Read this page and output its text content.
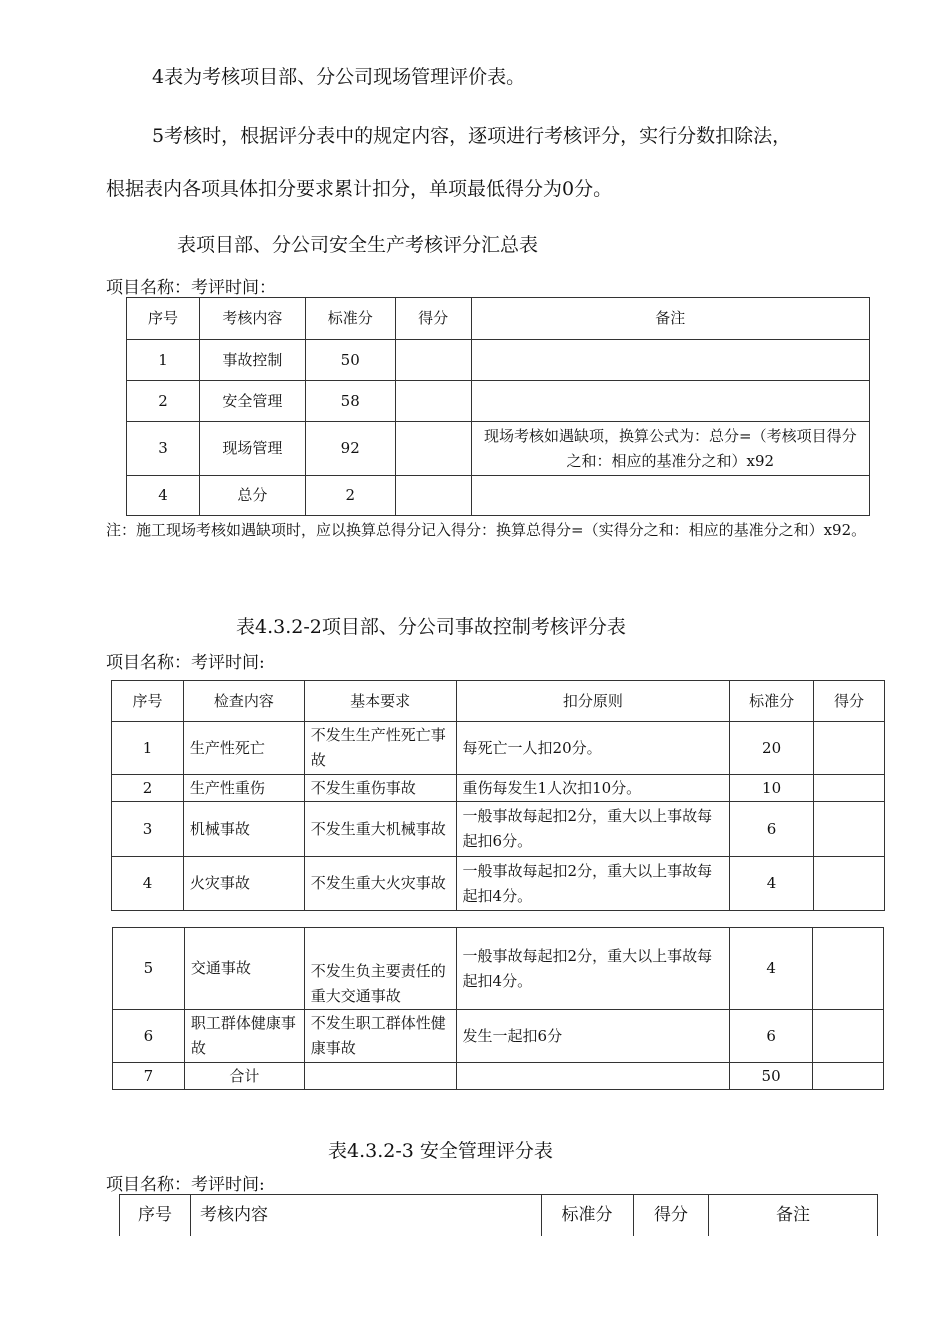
4表为考核项目部、分公司现场管理评价表。
5考核时，根据评分表中的规定内容，逐项进行考核评分，实行分数扣除法，
根据表内各项具体扣分要求累计扣分，单项最低得分为0分。
表项目部、分公司安全生产考核评分汇总表
项目名称：考评时间：
序号	考核内容	标准分	得分	备注
1	事故控制	50		
2	安全管理	58		
3	现场管理	92		现场考核如遇缺项，换算公式为：总分=（考核项目得分之和：相应的基准分之和）x92
4	总分	2		
注：施工现场考核如遇缺项时，应以换算总得分记入得分：换算总得分=（实得分之和：相应的基准分之和）x92。
表4.3.2-2项目部、分公司事故控制考核评分表
项目名称：考评时间:
序号	检查内容	基本要求	扣分原则	标准分	得分
1	生产性死亡	不发生生产性死亡事故	每死亡一人扣20分。	20	
2	生产性重伤	不发生重伤事故	重伤每发生1人次扣10分。	10	
3	机械事故	不发生重大机械事故	一般事故每起扣2分，重大以上事故每起扣6分。	6	
4	火灾事故	不发生重大火灾事故	一般事故每起扣2分，重大以上事故每起扣4分。	4	
5	交通事故	不发生负主要责任的重大交通事故	一般事故每起扣2分，重大以上事故每起扣4分。	4	
6	职工群体健康事故	不发生职工群体性健康事故	发生一起扣6分	6	
7	合计			50	
表4.3.2-3 安全管理评分表
项目名称：考评时间:
序号	考核内容	标准分	得分	备注
